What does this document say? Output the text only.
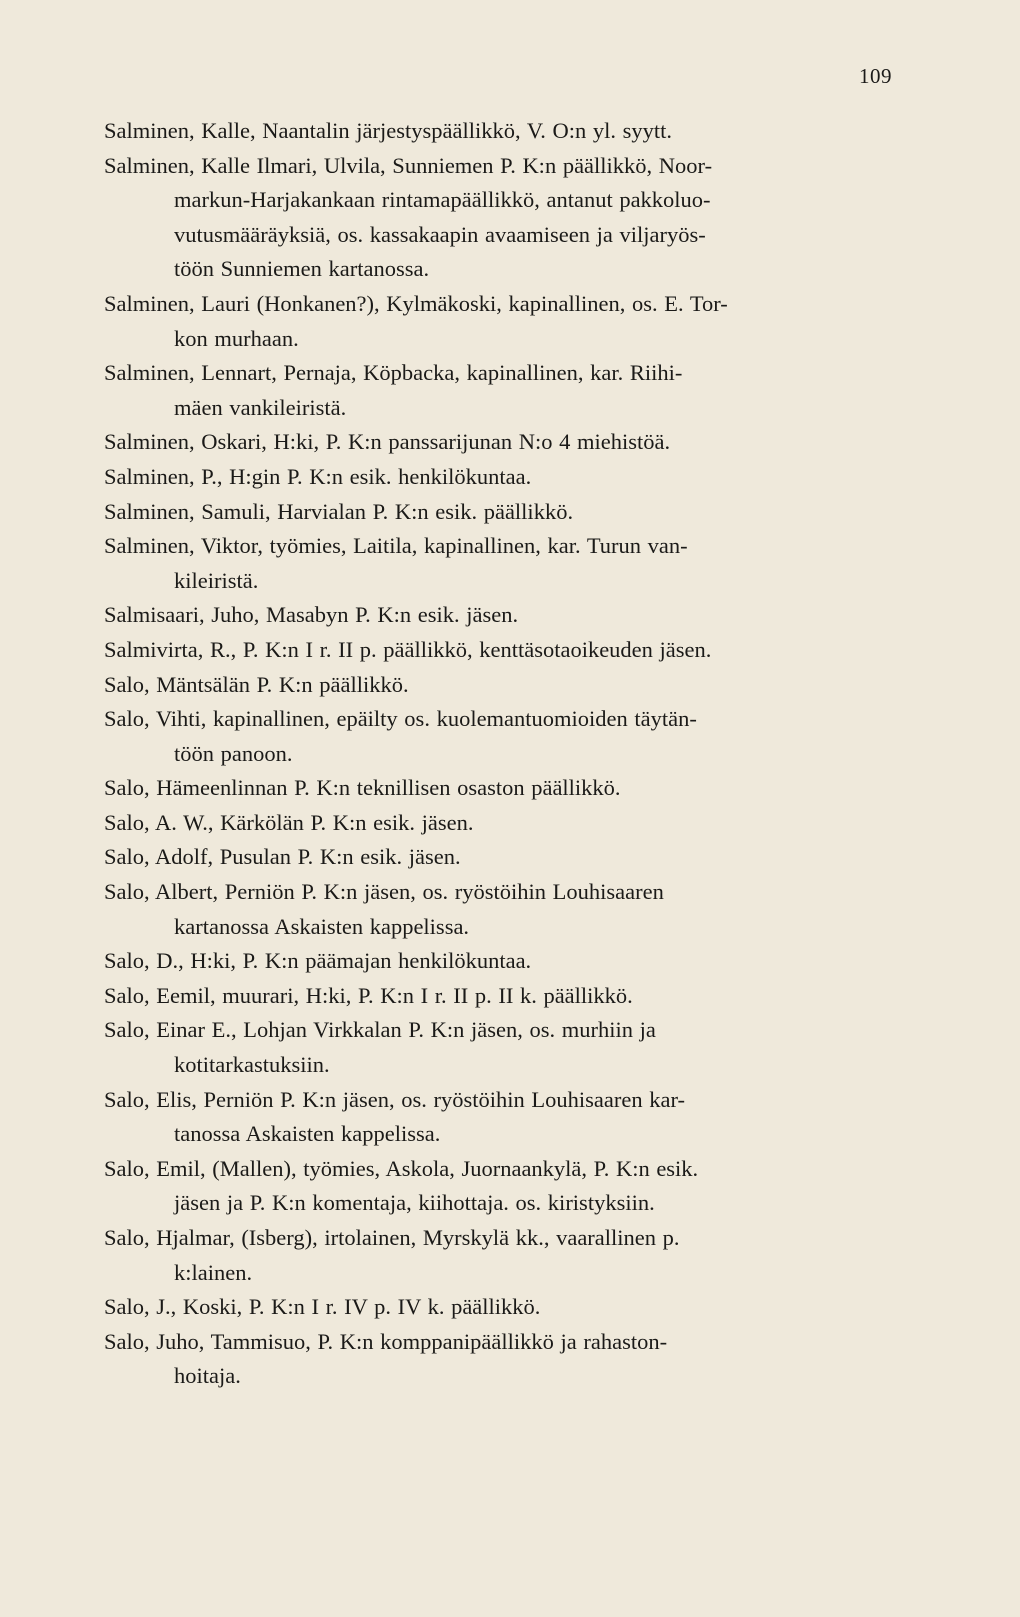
109
Salminen, Kalle, Naantalin järjestyspäällikkö, V. O:n yl. syytt.
Salminen, Kalle Ilmari, Ulvila, Sunniemen P. K:n päällikkö, Noor-
markun-Harjakankaan rintamapäällikkö, antanut pakkoluo-
vutusmääräyksiä, os. kassakaapin avaamiseen ja viljaryös-
töön Sunniemen kartanossa.
Salminen, Lauri (Honkanen?), Kylmäkoski, kapinallinen, os. E. Tor-
kon murhaan.
Salminen, Lennart, Pernaja, Köpbacka, kapinallinen, kar. Riihi-
mäen vankileiristä.
Salminen, Oskari, H:ki, P. K:n panssarijunan N:o 4 miehistöä.
Salminen, P., H:gin P. K:n esik. henkilökuntaa.
Salminen, Samuli, Harvialan P. K:n esik. päällikkö.
Salminen, Viktor, työmies, Laitila, kapinallinen, kar. Turun van-
kileiristä.
Salmisaari, Juho, Masabyn P. K:n esik. jäsen.
Salmivirta, R., P. K:n I r. II p. päällikkö, kenttäsotaoikeuden jäsen.
Salo, Mäntsälän P. K:n päällikkö.
Salo, Vihti, kapinallinen, epäilty os. kuolemantuomioiden täytän-
töön panoon.
Salo, Hämeenlinnan P. K:n teknillisen osaston päällikkö.
Salo, A. W., Kärkölän P. K:n esik. jäsen.
Salo, Adolf, Pusulan P. K:n esik. jäsen.
Salo, Albert, Perniön P. K:n jäsen, os. ryöstöihin Louhisaaren
kartanossa Askaisten kappelissa.
Salo, D., H:ki, P. K:n päämajan henkilökuntaa.
Salo, Eemil, muurari, H:ki, P. K:n I r. II p. II k. päällikkö.
Salo, Einar E., Lohjan Virkkalan P. K:n jäsen, os. murhiin ja
kotitarkastuksiin.
Salo, Elis, Perniön P. K:n jäsen, os. ryöstöihin Louhisaaren kar-
tanossa Askaisten kappelissa.
Salo, Emil, (Mallen), työmies, Askola, Juornaankylä, P. K:n esik.
jäsen ja P. K:n komentaja, kiihottaja. os. kiristyksiin.
Salo, Hjalmar, (Isberg), irtolainen, Myrskylä kk., vaarallinen p.
k:lainen.
Salo, J., Koski, P. K:n I r. IV p. IV k. päällikkö.
Salo, Juho, Tammisuo, P. K:n komppanipäällikkö ja rahaston-
hoitaja.
